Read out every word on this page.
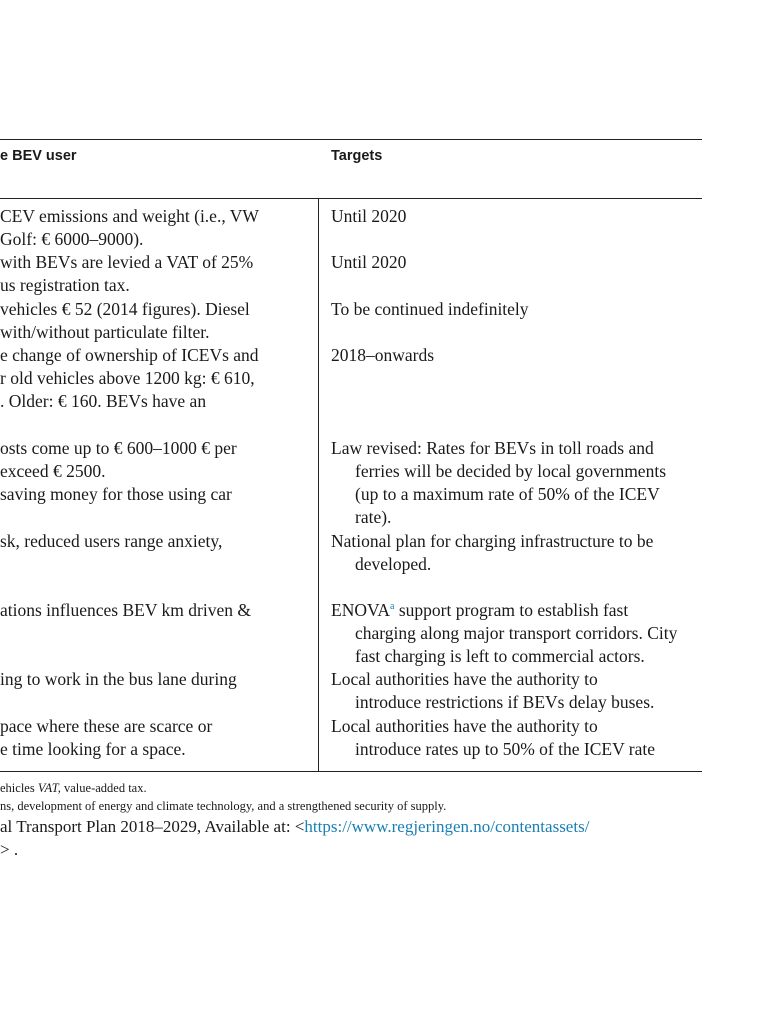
e BEV user	Targets
CEV emissions and weight (i.e., VW
Golf: € 6000–9000).
with BEVs are levied a VAT of 25%
us registration tax.
vehicles € 52 (2014 figures). Diesel
with/without particulate filter.
e change of ownership of ICEVs and
r old vehicles above 1200 kg: € 610,
. Older: € 160. BEVs have an
osts come up to € 600–1000 € per
exceed € 2500.
saving money for those using car
sk, reduced users range anxiety,
ations influences BEV km driven &
ing to work in the bus lane during
pace where these are scarce or
e time looking for a space.
Until 2020
Until 2020
To be continued indefinitely
2018–onwards
Law revised: Rates for BEVs in toll roads and
ferries will be decided by local governments
(up to a maximum rate of 50% of the ICEV
rate).
National plan for charging infrastructure to be
developed.
ENOVA$^a$ support program to establish fast
charging along major transport corridors. City
fast charging is left to commercial actors.
Local authorities have the authority to
introduce restrictions if BEVs delay buses.
Local authorities have the authority to
introduce rates up to 50% of the ICEV rate
ehicles VAT, value-added tax.
ns, development of energy and climate technology, and a strengthened security of supply.
al Transport Plan 2018–2029, Available at: <https://www.regjeringen.no/contentassets/
> .
